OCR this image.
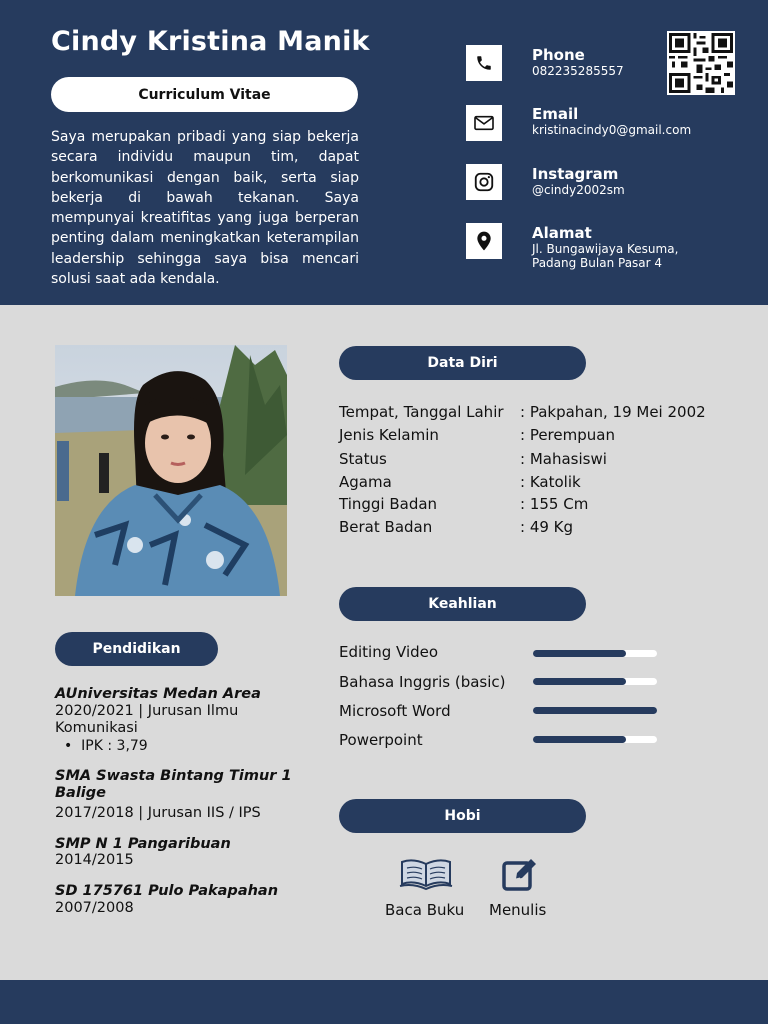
Cindy Kristina Manik
Curriculum Vitae
Saya merupakan pribadi yang siap bekerja secara individu maupun tim, dapat berkomunikasi dengan baik, serta siap bekerja di bawah tekanan. Saya mempunyai kreatifitas yang juga berperan penting dalam meningkatkan keterampilan leadership sehingga saya bisa mencari solusi saat ada kendala.
Phone
082235285557
Email
kristinacindy0@gmail.com
Instagram
@cindy2002sm
Alamat
Jl. Bungawijaya Kesuma, Padang Bulan Pasar 4
Data Diri
Tempat, Tanggal Lahir : Pakpahan, 19 Mei 2002
Jenis Kelamin	: Perempuan
Status	: Mahasiswi
Agama	: Katolik
Tinggi Badan	: 155 Cm
Berat Badan	: 49 Kg
Keahlian
Editing Video
Bahasa Inggris (basic)
Microsoft Word
Powerpoint
Hobi
Baca Buku Menulis
Pendidikan
AUniversitas Medan Area
2020/2021 | Jurusan Ilmu Komunikasi
•  IPK : 3,79
SMA Swasta Bintang Timur 1 Balige
2017/2018 | Jurusan IIS / IPS
SMP N 1 Pangaribuan
2014/2015
SD 175761 Pulo Pakapahan
2007/2008
